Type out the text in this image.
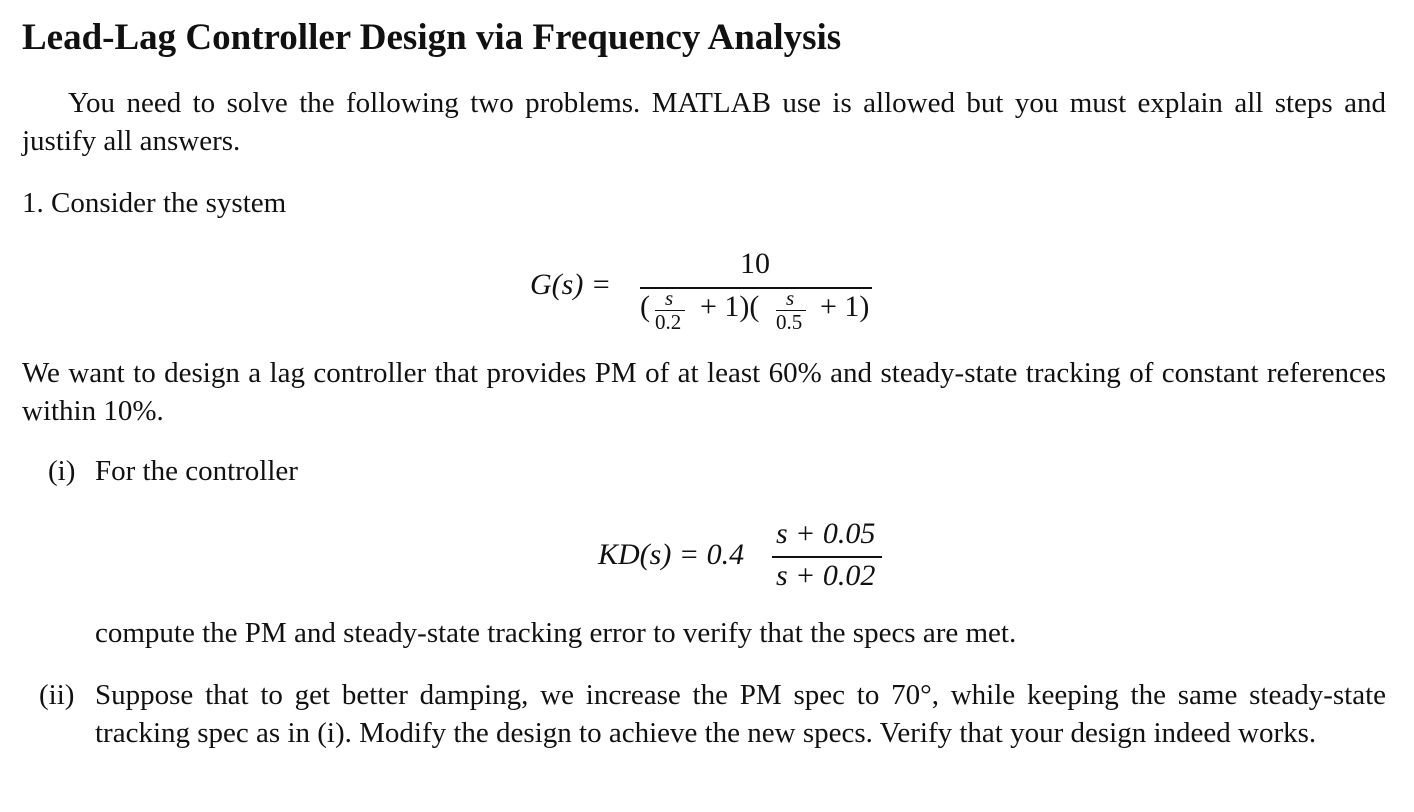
Lead-Lag Controller Design via Frequency Analysis
You need to solve the following two problems. MATLAB use is allowed but you must explain all steps and justify all answers.
1. Consider the system
G(s) =
10
( s
0.2 + 1)( s
0.5 + 1)
We want to design a lag controller that provides PM of at least 60% and steady-state tracking of constant references within 10%.
(i) For the controller
KD(s) = 0.4
s + 0.05
s + 0.02
compute the PM and steady-state tracking error to verify that the specs are met.
(ii) Suppose that to get better damping, we increase the PM spec to 70°, while keeping the same steady-state tracking spec as in (i). Modify the design to achieve the new specs. Verify that your design indeed works.
